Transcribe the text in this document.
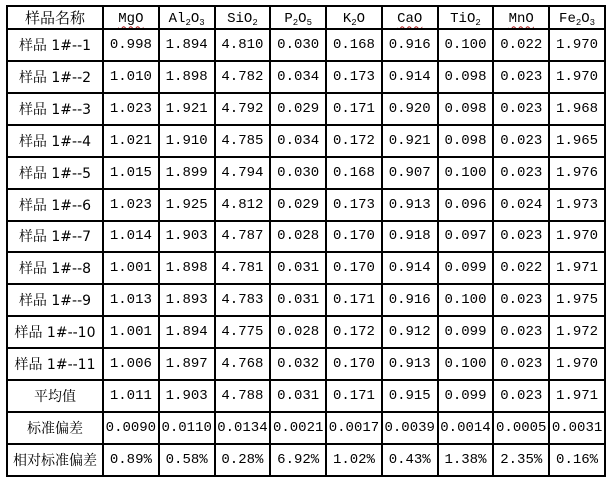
样品名称	MgO	$Al_2O_3$	SiO$_2$	$P_2O_5$	$K_2O$	CaO	TiO$_2$	MnO	$Fe_2O_3$
样品 1#--1	0.998	1.894	4.810	0.030	0.168	0.916	0.100	0.022	1.970
样品 1#--2	1.010	1.898	4.782	0.034	0.173	0.914	0.098	0.023	1.970
样品 1#--3	1.023	1.921	4.792	0.029	0.171	0.920	0.098	0.023	1.968
样品 1#--4	1.021	1.910	4.785	0.034	0.172	0.921	0.098	0.023	1.965
样品 1#--5	1.015	1.899	4.794	0.030	0.168	0.907	0.100	0.023	1.976
样品 1#--6	1.023	1.925	4.812	0.029	0.173	0.913	0.096	0.024	1.973
样品 1#--7	1.014	1.903	4.787	0.028	0.170	0.918	0.097	0.023	1.970
样品 1#--8	1.001	1.898	4.781	0.031	0.170	0.914	0.099	0.022	1.971
样品 1#--9	1.013	1.893	4.783	0.031	0.171	0.916	0.100	0.023	1.975
样品 1#--10	1.001	1.894	4.775	0.028	0.172	0.912	0.099	0.023	1.972
样品 1#--11	1.006	1.897	4.768	0.032	0.170	0.913	0.100	0.023	1.970
平均值	1.011	1.903	4.788	0.031	0.171	0.915	0.099	0.023	1.971
标准偏差	0.0090	0.0110	0.0134	0.0021	0.0017	0.0039	0.0014	0.0005	0.0031
相对标准偏差	0.89%	0.58%	0.28%	6.92%	1.02%	0.43%	1.38%	2.35%	0.16%
